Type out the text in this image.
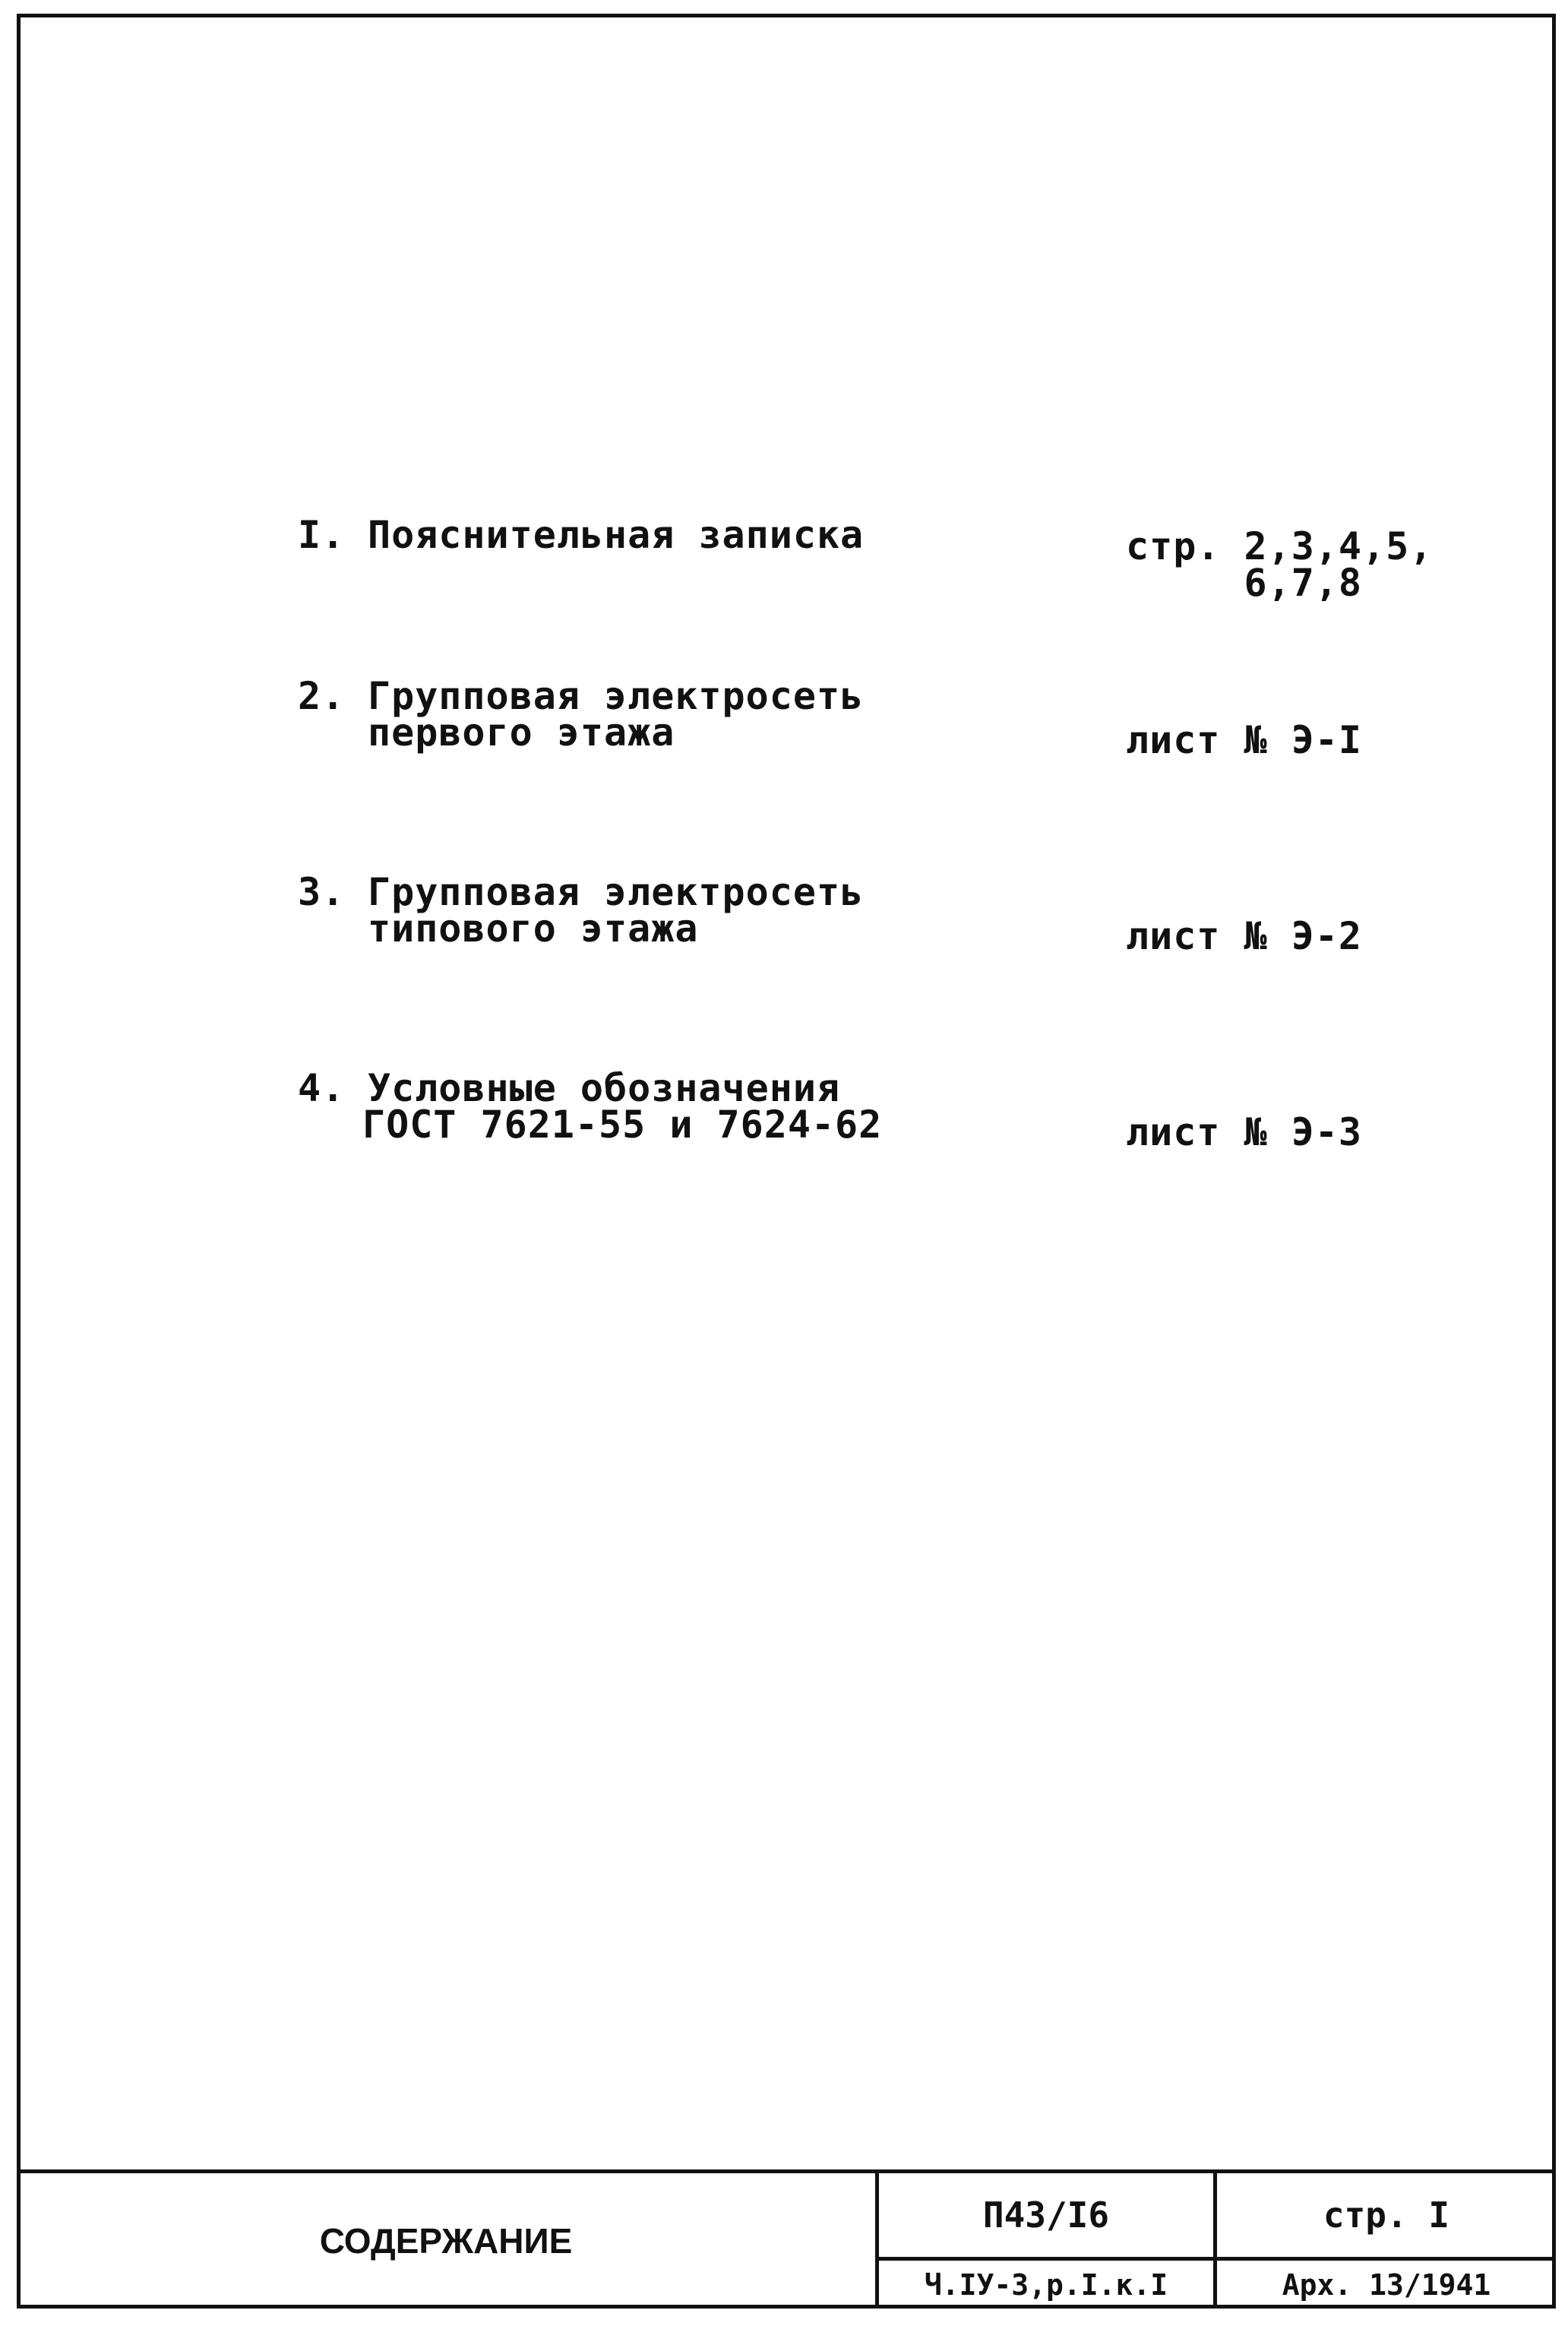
I. Пояснительная записка	стр. 2,3,4,5,
6,7,8
2. Групповая электросеть
первого этажа	лист № Э-I
3. Групповая электросеть
типового этажа	лист № Э-2
4. Условные обозначения
ГОСТ 7621-55 и 7624-62	лист № Э-3
СОДЕРЖАНИЕ
П43/I6
Ч.IУ-3,р.I.к.I
стр. I
Арх. 13/1941
